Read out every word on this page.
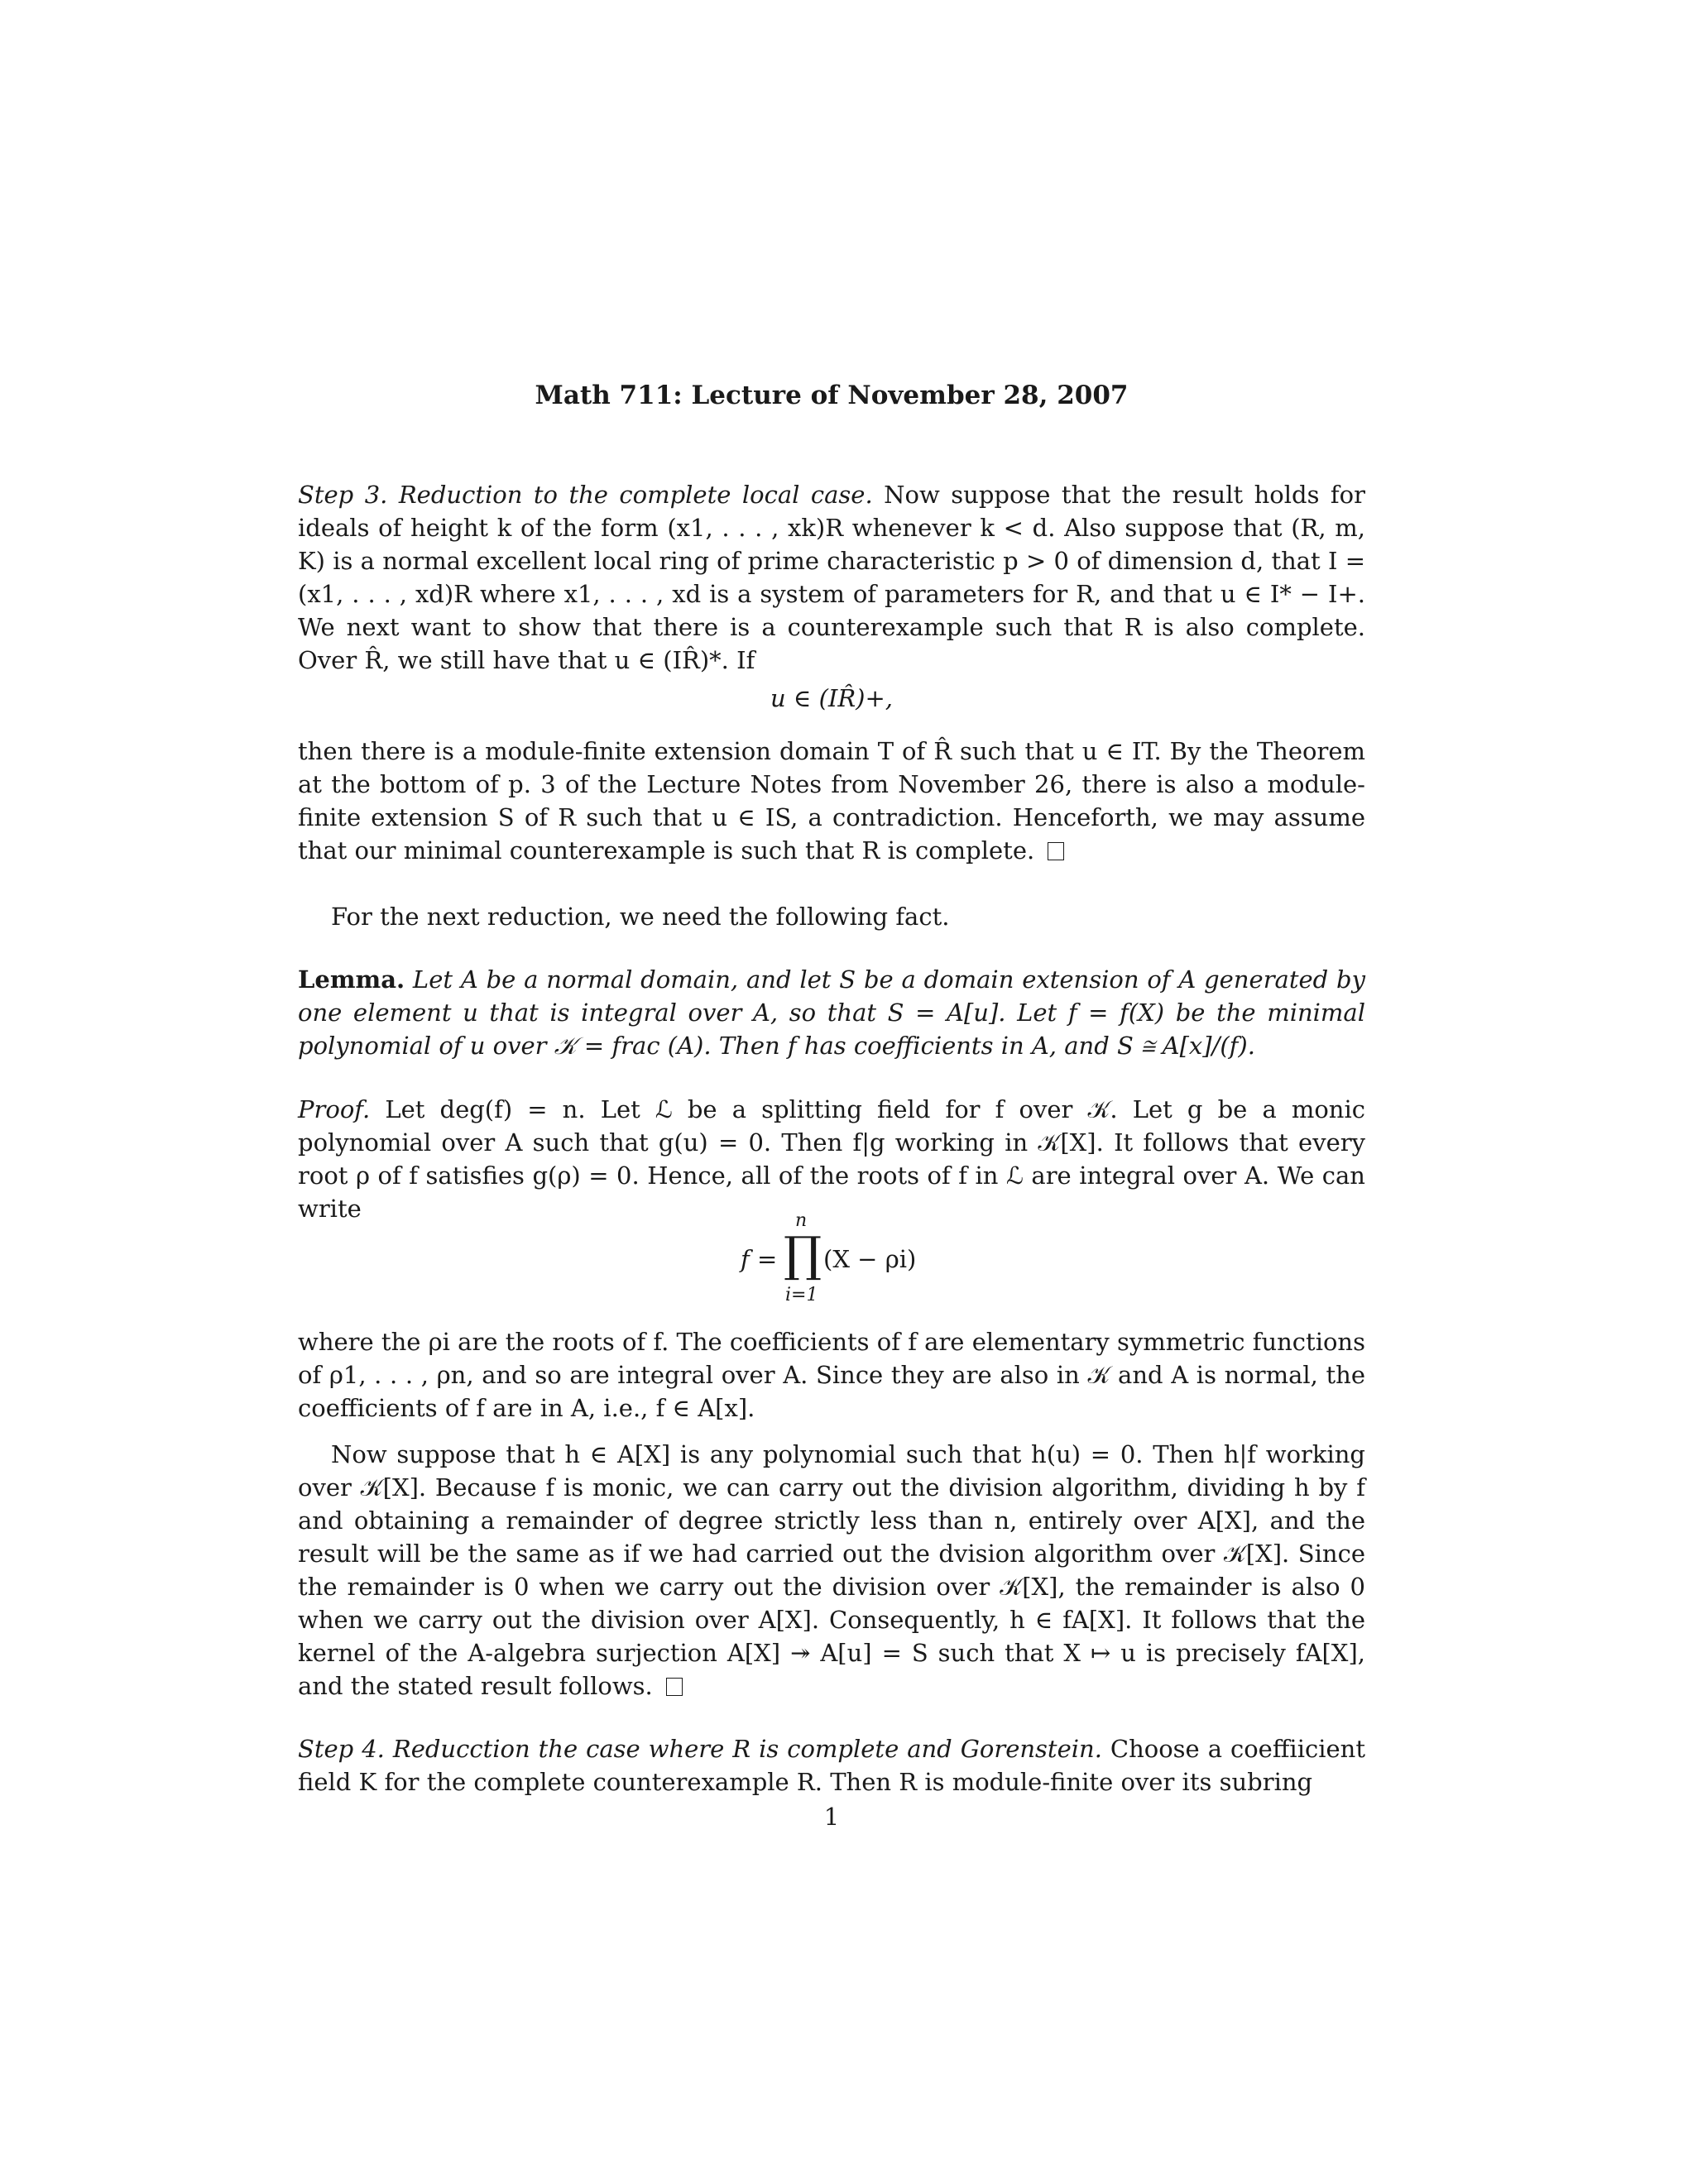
Math 711: Lecture of November 28, 2007
Step 3. Reduction to the complete local case. Now suppose that the result holds for ideals of height k of the form (x1, . . . , xk)R whenever k < d. Also suppose that (R, m, K) is a normal excellent local ring of prime characteristic p > 0 of dimension d, that I = (x1, . . . , xd)R where x1, . . . , xd is a system of parameters for R, and that u ∈ I* − I+. We next want to show that there is a counterexample such that R is also complete. Over R̂, we still have that u ∈ (IR̂)*. If
u ∈ (IR̂)+,
then there is a module-finite extension domain T of R̂ such that u ∈ IT. By the Theorem at the bottom of p. 3 of the Lecture Notes from November 26, there is also a module-finite extension S of R such that u ∈ IS, a contradiction. Henceforth, we may assume that our minimal counterexample is such that R is complete.
For the next reduction, we need the following fact.
Lemma. Let A be a normal domain, and let S be a domain extension of A generated by one element u that is integral over A, so that S = A[u]. Let f = f(X) be the minimal polynomial of u over 𝒦 = frac (A). Then f has coefficients in A, and S ≅ A[x]/(f).
Proof. Let deg(f) = n. Let ℒ be a splitting field for f over 𝒦. Let g be a monic polynomial over A such that g(u) = 0. Then f|g working in 𝒦[X]. It follows that every root ρ of f satisfies g(ρ) = 0. Hence, all of the roots of f in ℒ are integral over A. We can write
f =
n
∏
i=1
(X − ρi)
where the ρi are the roots of f. The coefficients of f are elementary symmetric functions of ρ1, . . . , ρn, and so are integral over A. Since they are also in 𝒦 and A is normal, the coefficients of f are in A, i.e., f ∈ A[x].
Now suppose that h ∈ A[X] is any polynomial such that h(u) = 0. Then h|f working over 𝒦[X]. Because f is monic, we can carry out the division algorithm, dividing h by f and obtaining a remainder of degree strictly less than n, entirely over A[X], and the result will be the same as if we had carried out the dvision algorithm over 𝒦[X]. Since the remainder is 0 when we carry out the division over 𝒦[X], the remainder is also 0 when we carry out the division over A[X]. Consequently, h ∈ fA[X]. It follows that the kernel of the A-algebra surjection A[X] ↠ A[u] = S such that X ↦ u is precisely fA[X], and the stated result follows.
Step 4. Reducction the case where R is complete and Gorenstein. Choose a coeffiicient field K for the complete counterexample R. Then R is module-finite over its subring
1
